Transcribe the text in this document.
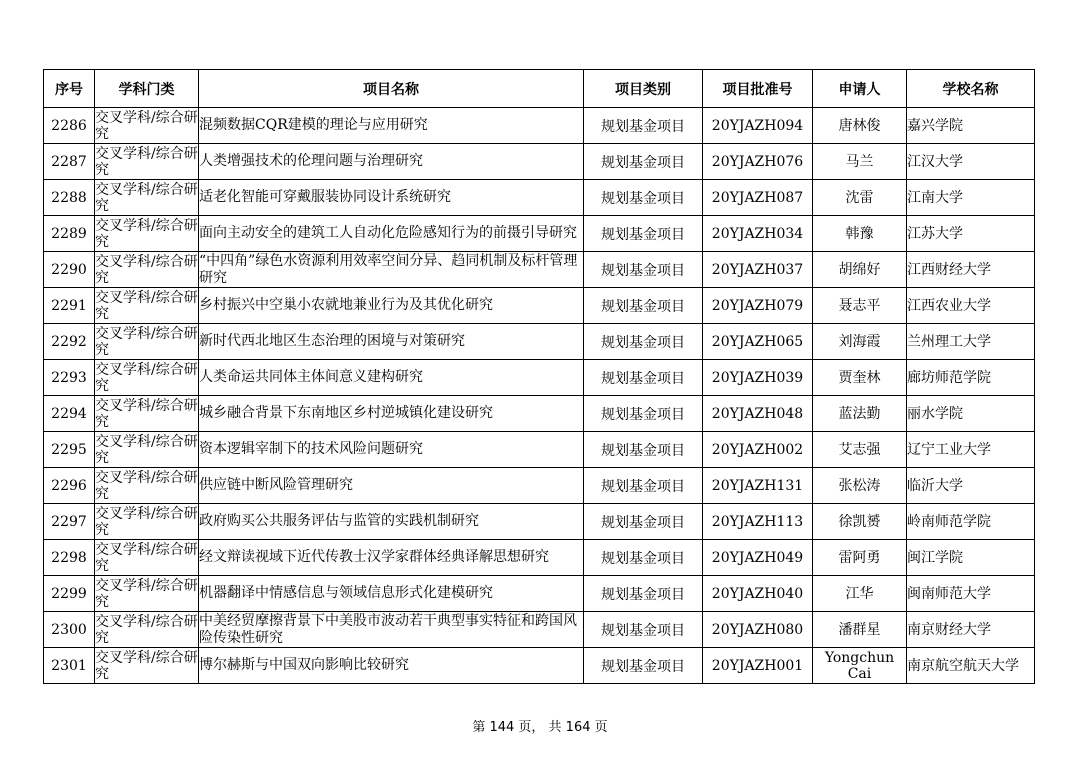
序号	学科门类	项目名称	项目类别	项目批准号	申请人	学校名称
2286	交叉学科/综合研究	混频数据CQR建模的理论与应用研究	规划基金项目	20YJAZH094	唐林俊	嘉兴学院
2287	交叉学科/综合研究	人类增强技术的伦理问题与治理研究	规划基金项目	20YJAZH076	马兰	江汉大学
2288	交叉学科/综合研究	适老化智能可穿戴服装协同设计系统研究	规划基金项目	20YJAZH087	沈雷	江南大学
2289	交叉学科/综合研究	面向主动安全的建筑工人自动化危险感知行为的前摄引导研究	规划基金项目	20YJAZH034	韩豫	江苏大学
2290	交叉学科/综合研究	“中四角”绿色水资源利用效率空间分异、趋同机制及标杆管理研究	规划基金项目	20YJAZH037	胡绵好	江西财经大学
2291	交叉学科/综合研究	乡村振兴中空巢小农就地兼业行为及其优化研究	规划基金项目	20YJAZH079	聂志平	江西农业大学
2292	交叉学科/综合研究	新时代西北地区生态治理的困境与对策研究	规划基金项目	20YJAZH065	刘海霞	兰州理工大学
2293	交叉学科/综合研究	人类命运共同体主体间意义建构研究	规划基金项目	20YJAZH039	贾奎林	廊坊师范学院
2294	交叉学科/综合研究	城乡融合背景下东南地区乡村逆城镇化建设研究	规划基金项目	20YJAZH048	蓝法勤	丽水学院
2295	交叉学科/综合研究	资本逻辑宰制下的技术风险问题研究	规划基金项目	20YJAZH002	艾志强	辽宁工业大学
2296	交叉学科/综合研究	供应链中断风险管理研究	规划基金项目	20YJAZH131	张松涛	临沂大学
2297	交叉学科/综合研究	政府购买公共服务评估与监管的实践机制研究	规划基金项目	20YJAZH113	徐凯赟	岭南师范学院
2298	交叉学科/综合研究	经文辩读视域下近代传教士汉学家群体经典译解思想研究	规划基金项目	20YJAZH049	雷阿勇	闽江学院
2299	交叉学科/综合研究	机器翻译中情感信息与领域信息形式化建模研究	规划基金项目	20YJAZH040	江华	闽南师范大学
2300	交叉学科/综合研究	中美经贸摩擦背景下中美股市波动若干典型事实特征和跨国风险传染性研究	规划基金项目	20YJAZH080	潘群星	南京财经大学
2301	交叉学科/综合研究	博尔赫斯与中国双向影响比较研究	规划基金项目	20YJAZH001	Yongchun Cai	南京航空航天大学
第 144 页， 共 164 页
